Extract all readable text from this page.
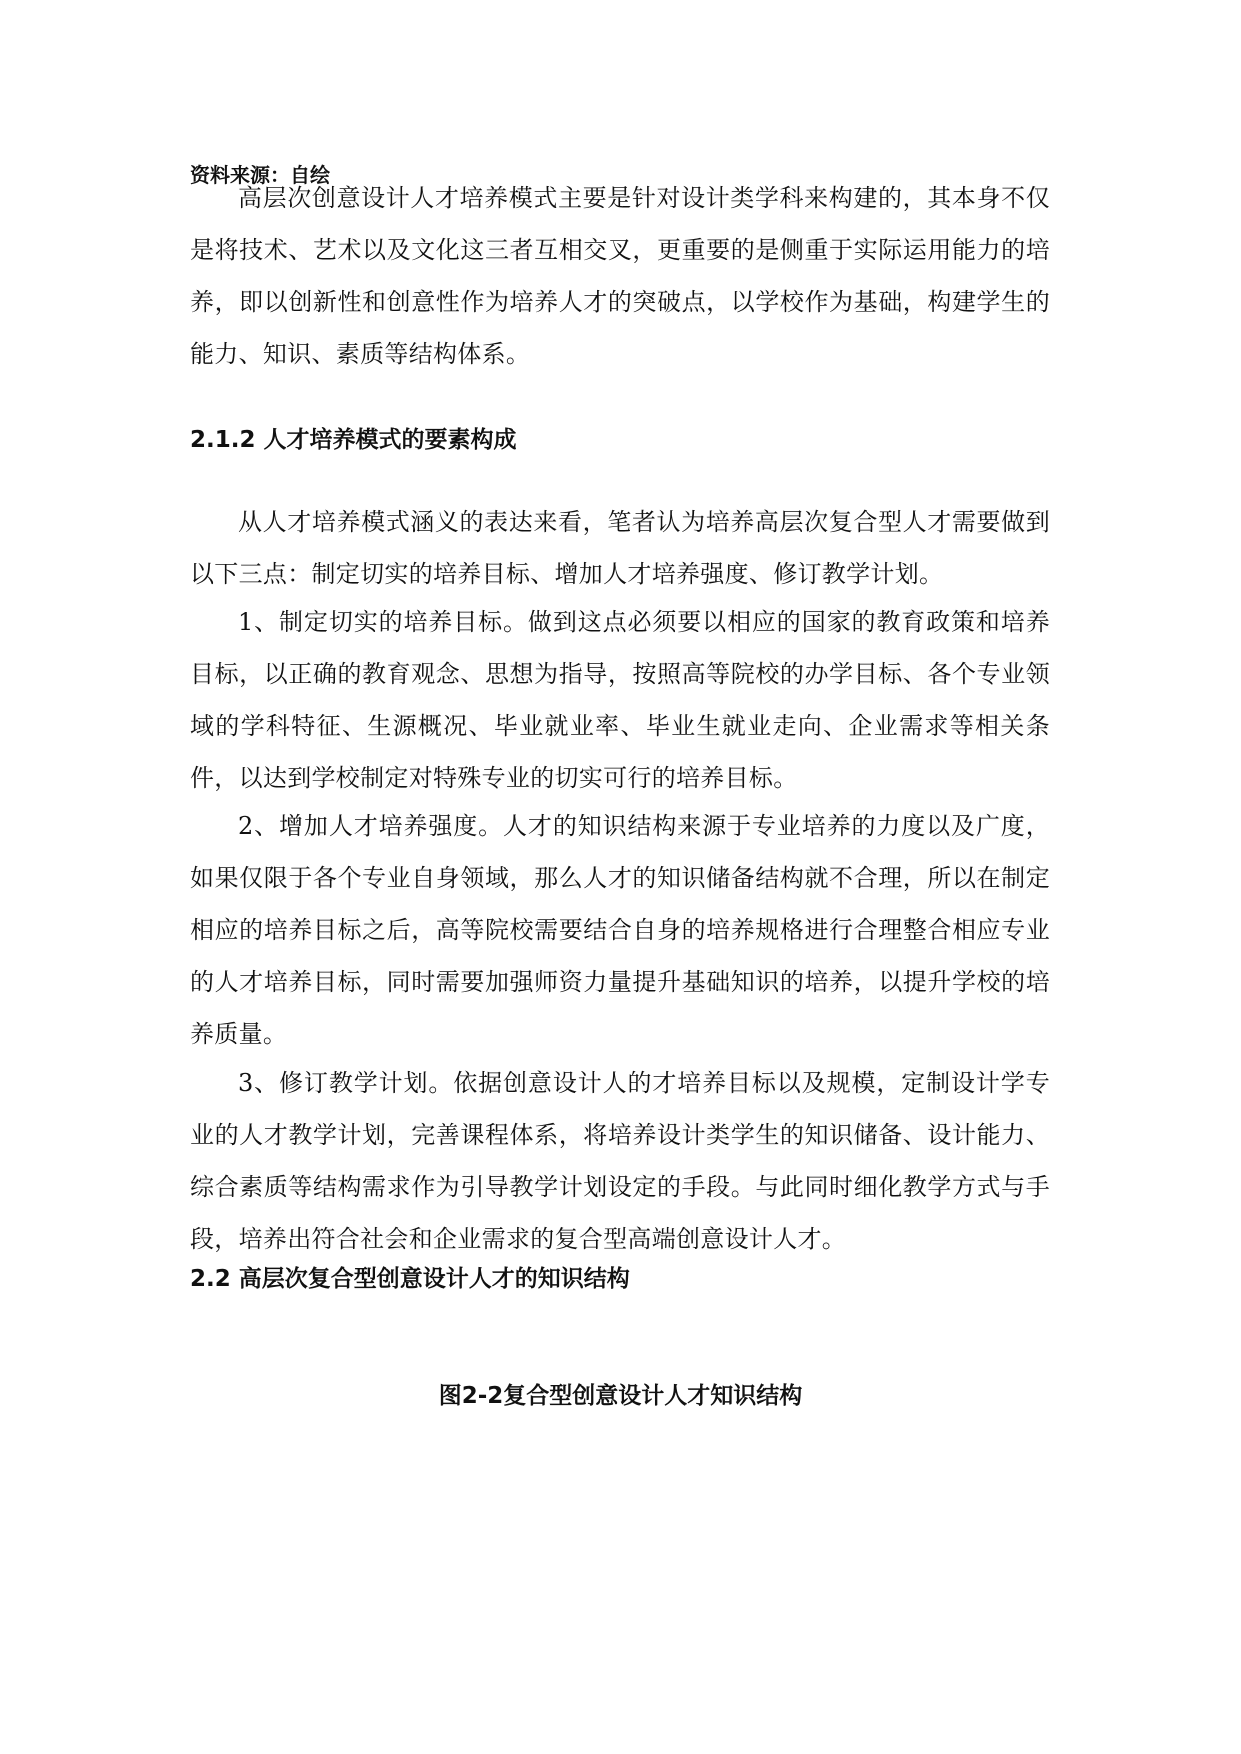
资料来源：自绘

高层次创意设计人才培养模式主要是针对设计类学科来构建的，其本身不仅是将技术、艺术以及文化这三者互相交叉，更重要的是侧重于实际运用能力的培养，即以创新性和创意性作为培养人才的突破点，以学校作为基础，构建学生的能力、知识、素质等结构体系。

2.1.2 人才培养模式的要素构成

从人才培养模式涵义的表达来看，笔者认为培养高层次复合型人才需要做到以下三点：制定切实的培养目标、增加人才培养强度、修订教学计划。

1、制定切实的培养目标。做到这点必须要以相应的国家的教育政策和培养目标，以正确的教育观念、思想为指导，按照高等院校的办学目标、各个专业领域的学科特征、生源概况、毕业就业率、毕业生就业走向、企业需求等相关条件，以达到学校制定对特殊专业的切实可行的培养目标。

2、增加人才培养强度。人才的知识结构来源于专业培养的力度以及广度，如果仅限于各个专业自身领域，那么人才的知识储备结构就不合理，所以在制定相应的培养目标之后，高等院校需要结合自身的培养规格进行合理整合相应专业的人才培养目标，同时需要加强师资力量提升基础知识的培养，以提升学校的培养质量。

3、修订教学计划。依据创意设计人的才培养目标以及规模，定制设计学专业的人才教学计划，完善课程体系，将培养设计类学生的知识储备、设计能力、综合素质等结构需求作为引导教学计划设定的手段。与此同时细化教学方式与手段，培养出符合社会和企业需求的复合型高端创意设计人才。

2.2 高层次复合型创意设计人才的知识结构

图2-2复合型创意设计人才知识结构
